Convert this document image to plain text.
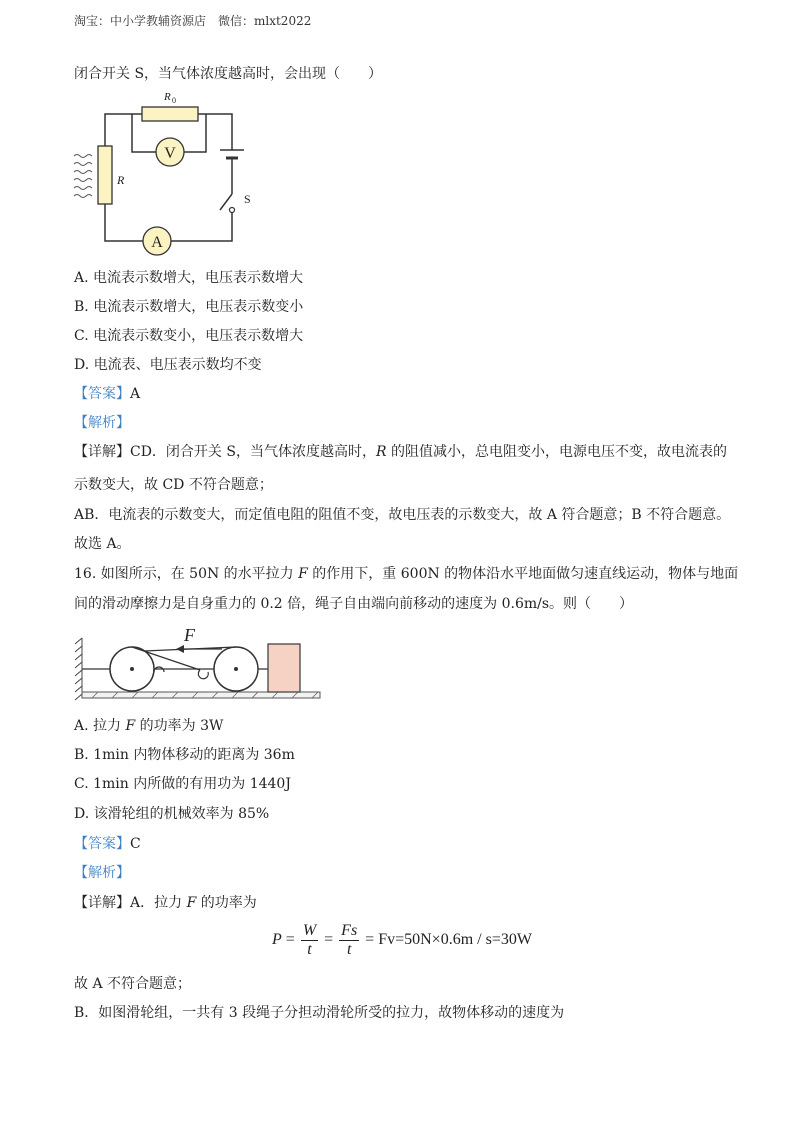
淘宝：中小学教辅资源店　微信：mlxt2022
闭合开关 S，当气体浓度越高时，会出现（　　）
V
A
R 0
R
S
A. 电流表示数增大，电压表示数增大
B. 电流表示数增大，电压表示数变小
C. 电流表示数变小，电压表示数增大
D. 电流表、电压表示数均不变
【答案】A
【解析】
【详解】CD．闭合开关 S，当气体浓度越高时，R 的阻值减小，总电阻变小，电源电压不变，故电流表的
示数变大，故 CD 不符合题意；
AB．电流表的示数变大，而定值电阻的阻值不变，故电压表的示数变大，故 A 符合题意；B 不符合题意。
故选 A。
16. 如图所示，在 50N 的水平拉力 F 的作用下，重 600N 的物体沿水平地面做匀速直线运动，物体与地面
间的滑动摩擦力是自身重力的 0.2 倍，绳子自由端向前移动的速度为 0.6m/s。则（　　）
F
A. 拉力 F 的功率为 3W
B. 1min 内物体移动的距离为 36m
C. 1min 内所做的有用功为 1440J
D. 该滑轮组的机械效率为 85%
【答案】C
【解析】
【详解】A．拉力 F 的功率为
$P = \frac{W}{t} = \frac{Fs}{t} = Fv=50N\times 0.6m / s=30W$
故 A 不符合题意；
B．如图滑轮组，一共有 3 段绳子分担动滑轮所受的拉力，故物体移动的速度为
